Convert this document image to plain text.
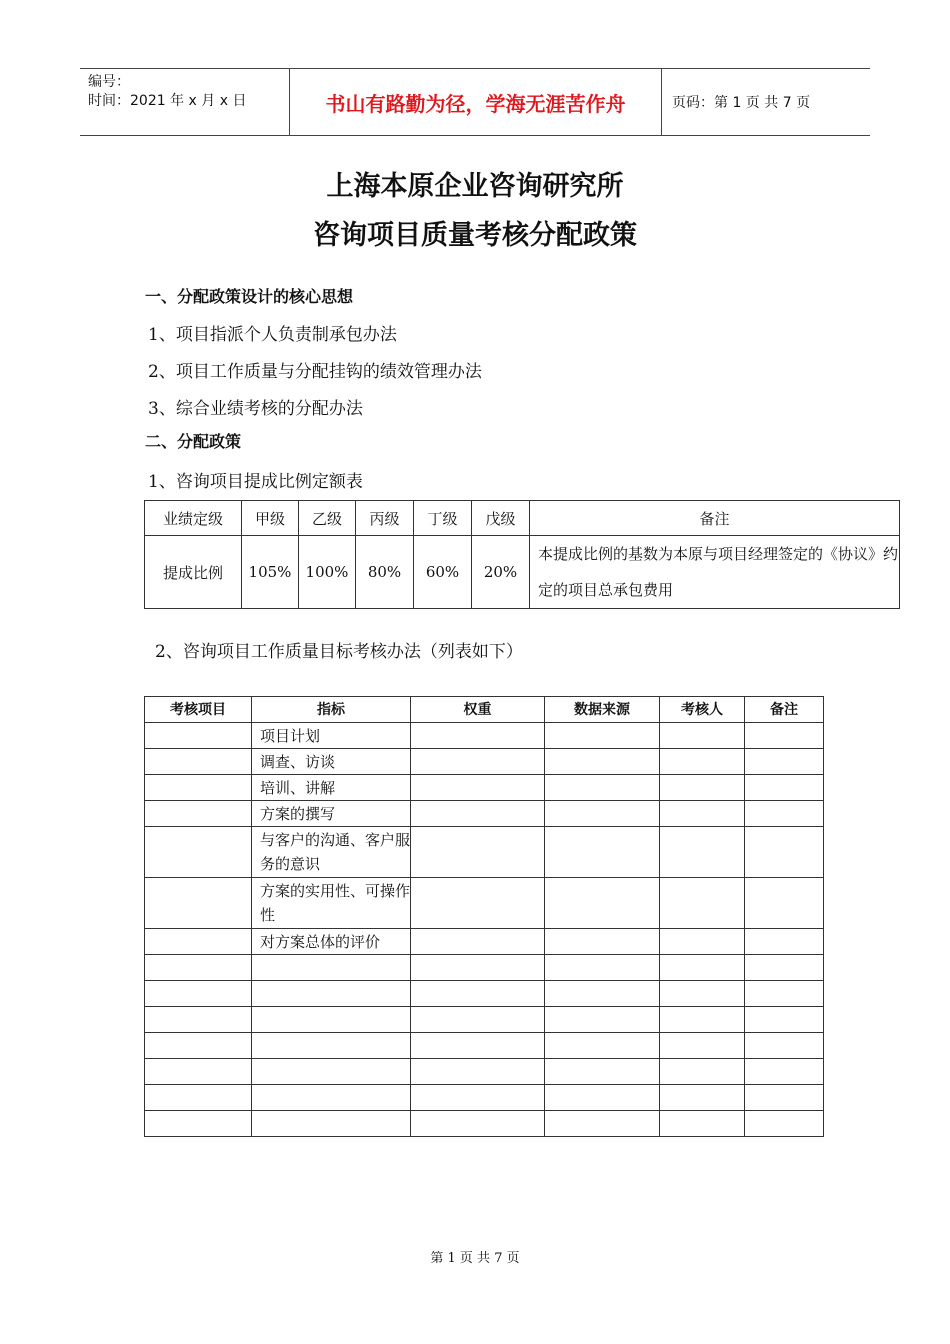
编号：
时间：2021 年 x 月 x 日	书山有路勤为径，学海无涯苦作舟	页码：第 1 页 共 7 页
上海本原企业咨询研究所
咨询项目质量考核分配政策
一、分配政策设计的核心思想
1、项目指派个人负责制承包办法
2、项目工作质量与分配挂钩的绩效管理办法
3、综合业绩考核的分配办法
二、分配政策
1、咨询项目提成比例定额表
业绩定级	甲级	乙级	丙级	丁级	戊级	备注
提成比例	105%	100%	80%	60%	20%	本提成比例的基数为本原与项目经理签定的《协议》约定的项目总承包费用
2、咨询项目工作质量目标考核办法（列表如下）
考核项目	指标	权重	数据来源	考核人	备注
	项目计划				
	调查、访谈				
	培训、讲解				
	方案的撰写				
	与客户的沟通、客户服务的意识				
	方案的实用性、可操作性				
	对方案总体的评价				

第 1 页 共 7 页
